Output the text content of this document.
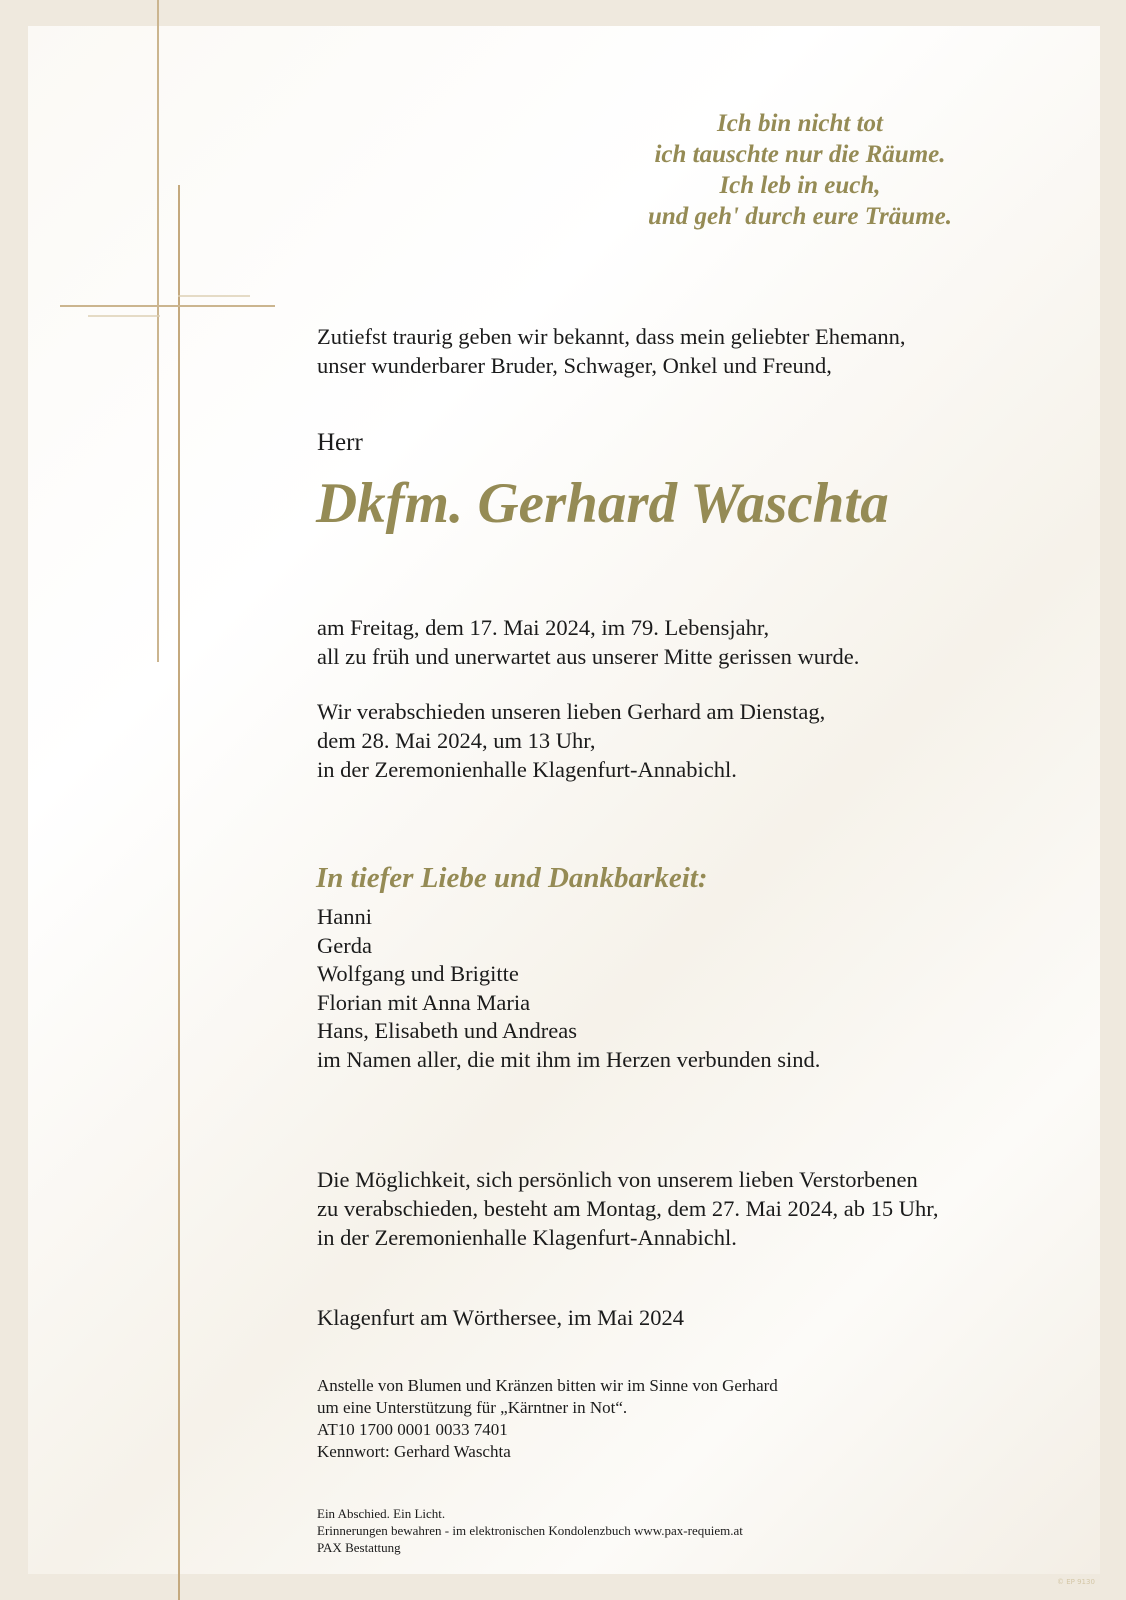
Ich bin nicht tot
ich tauschte nur die Räume.
Ich leb in euch,
und geh' durch eure Träume.
Zutiefst traurig geben wir bekannt, dass mein geliebter Ehemann,
unser wunderbarer Bruder, Schwager, Onkel und Freund,
Herr
Dkfm. Gerhard Waschta
am Freitag, dem 17. Mai 2024, im 79. Lebensjahr,
all zu früh und unerwartet aus unserer Mitte gerissen wurde.
Wir verabschieden unseren lieben Gerhard am Dienstag,
dem 28. Mai 2024, um 13 Uhr,
in der Zeremonienhalle Klagenfurt-Annabichl.
In tiefer Liebe und Dankbarkeit:
Hanni
Gerda
Wolfgang und Brigitte
Florian mit Anna Maria
Hans, Elisabeth und Andreas
im Namen aller, die mit ihm im Herzen verbunden sind.
Die Möglichkeit, sich persönlich von unserem lieben Verstorbenen
zu verabschieden, besteht am Montag, dem 27. Mai 2024, ab 15 Uhr,
in der Zeremonienhalle Klagenfurt-Annabichl.
Klagenfurt am Wörthersee, im Mai 2024
Anstelle von Blumen und Kränzen bitten wir im Sinne von Gerhard
um eine Unterstützung für „Kärntner in Not“.
AT10 1700 0001 0033 7401
Kennwort: Gerhard Waschta
Ein Abschied. Ein Licht.
Erinnerungen bewahren - im elektronischen Kondolenzbuch www.pax-requiem.at
PAX Bestattung
© EP 9130
